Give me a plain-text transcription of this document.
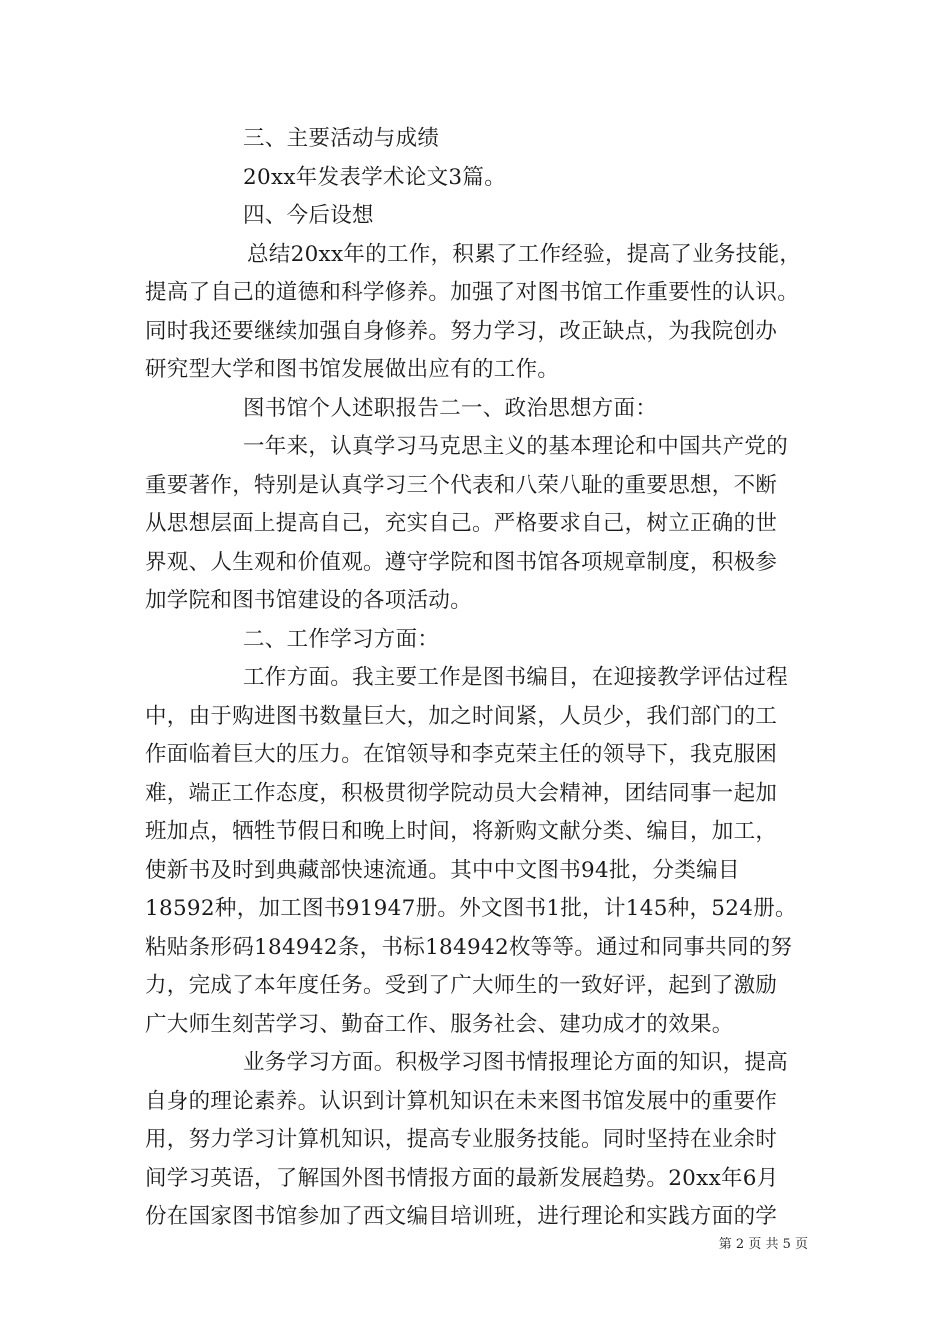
三、主要活动与成绩
20xx年发表学术论文3篇。
四、今后设想
总结20xx年的工作，积累了工作经验，提高了业务技能，
提高了自己的道德和科学修养。加强了对图书馆工作重要性的认识。
同时我还要继续加强自身修养。努力学习，改正缺点，为我院创办
研究型大学和图书馆发展做出应有的工作。
图书馆个人述职报告二一、政治思想方面：
一年来，认真学习马克思主义的基本理论和中国共产党的
重要著作，特别是认真学习三个代表和八荣八耻的重要思想，不断
从思想层面上提高自己，充实自己。严格要求自己，树立正确的世
界观、人生观和价值观。遵守学院和图书馆各项规章制度，积极参
加学院和图书馆建设的各项活动。
二、工作学习方面：
工作方面。我主要工作是图书编目，在迎接教学评估过程
中，由于购进图书数量巨大，加之时间紧，人员少，我们部门的工
作面临着巨大的压力。在馆领导和李克荣主任的领导下，我克服困
难，端正工作态度，积极贯彻学院动员大会精神，团结同事一起加
班加点，牺牲节假日和晚上时间，将新购文献分类、编目，加工，
使新书及时到典藏部快速流通。其中中文图书94批，分类编目
18592种，加工图书91947册。外文图书1批，计145种，524册。
粘贴条形码184942条，书标184942枚等等。通过和同事共同的努
力，完成了本年度任务。受到了广大师生的一致好评，起到了激励
广大师生刻苦学习、勤奋工作、服务社会、建功成才的效果。
业务学习方面。积极学习图书情报理论方面的知识，提高
自身的理论素养。认识到计算机知识在未来图书馆发展中的重要作
用，努力学习计算机知识，提高专业服务技能。同时坚持在业余时
间学习英语，了解国外图书情报方面的最新发展趋势。20xx年6月
份在国家图书馆参加了西文编目培训班，进行理论和实践方面的学
第 2 页 共 5 页
